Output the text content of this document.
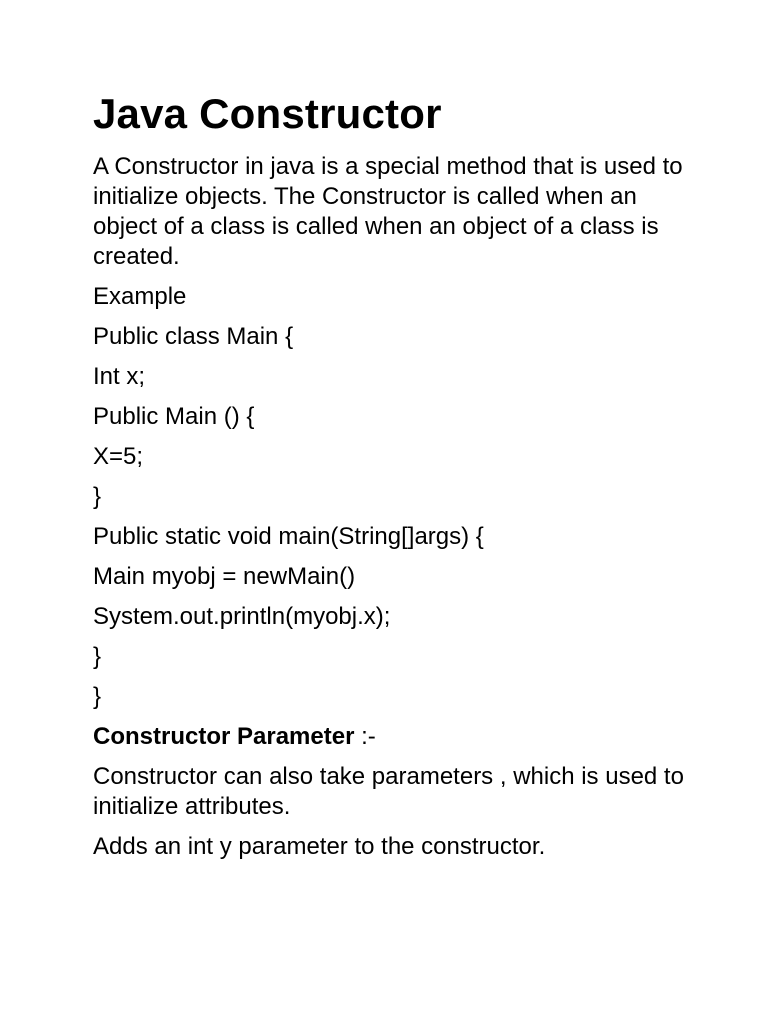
Java Constructor

A Constructor in java is a special method that is used to initialize objects. The Constructor is called when an object of a class is called when an object of a class is created.

Example

Public class Main {

Int x;

Public Main () {

X=5;

}

Public static void main(String[]args) {

Main myobj = newMain()

System.out.println(myobj.x);

}

}

Constructor Parameter :-

Constructor can also take parameters , which is used to initialize attributes.

Adds an int y parameter to the constructor.
